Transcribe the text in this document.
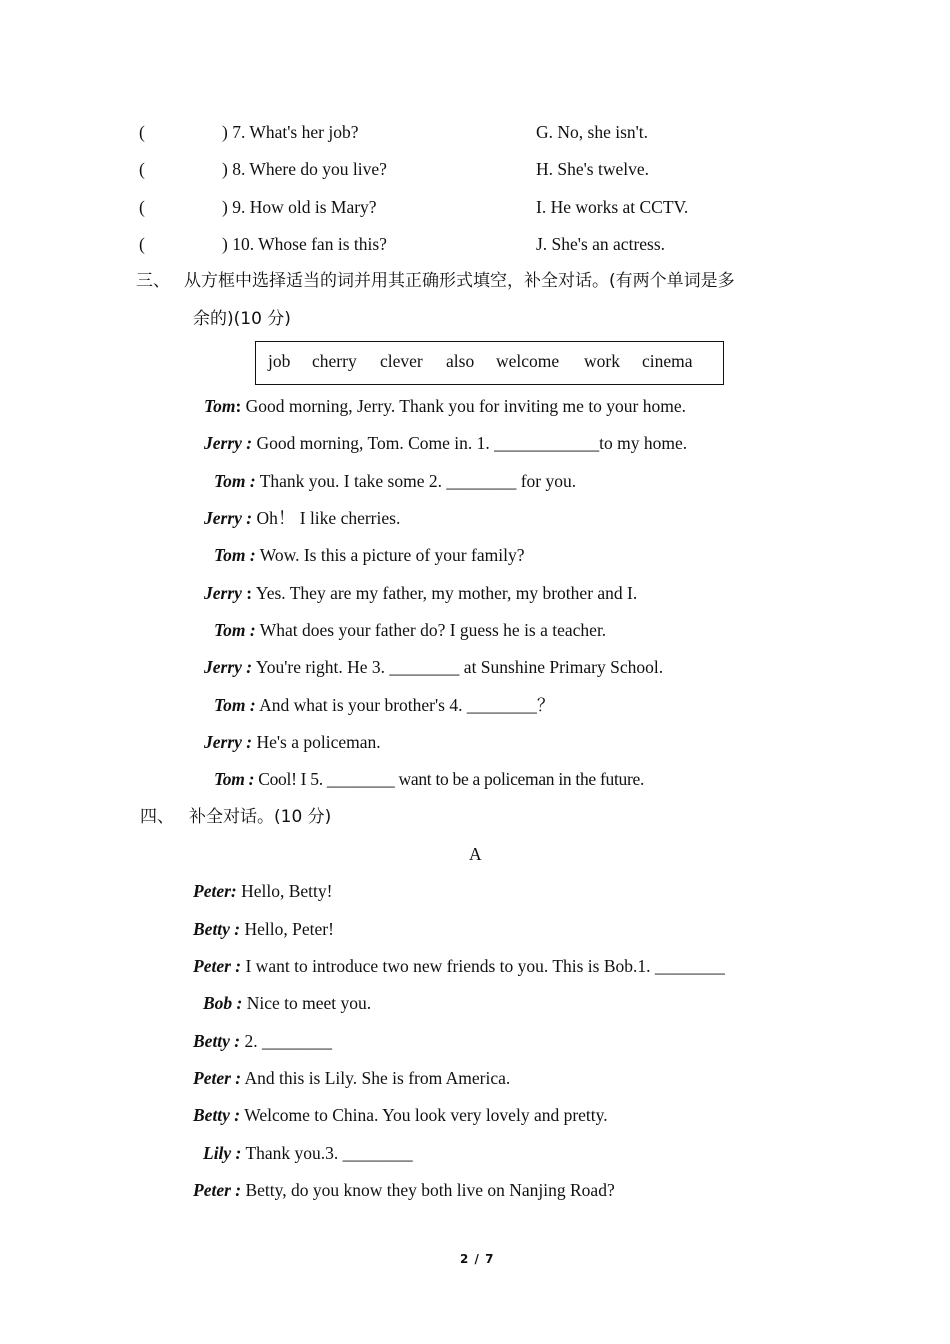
(	) 7. What's her job?	G. No, she isn't.
(	) 8. Where do you live?	H. She's twelve.
(	) 9. How old is Mary?	I. He works at CCTV.
(	) 10. Whose fan is this?	J. She's an actress.
三、 从方框中选择适当的词并用其正确形式填空，补全对话。(有两个单词是多
余的)(10 分)
job cherry clever also welcome work cinema
Tom: Good morning, Jerry. Thank you for inviting me to your home.
Jerry : Good morning, Tom. Come in. 1. ____________to my home.
Tom : Thank you. I take some 2. ________ for you.
Jerry : Oh！ I like cherries.
Tom : Wow. Is this a picture of your family?
Jerry : Yes. They are my father, my mother, my brother and I.
Tom : What does your father do? I guess he is a teacher.
Jerry : You're right. He 3. ________ at Sunshine Primary School.
Tom : And what is your brother's 4. ________？
Jerry : He's a policeman.
Tom : Cool! I 5. ________ want to be a policeman in the future.
四、 补全对话。(10 分)
A
Peter: Hello, Betty!
Betty : Hello, Peter!
Peter : I want to introduce two new friends to you. This is Bob.1. ________
Bob : Nice to meet you.
Betty : 2. ________
Peter : And this is Lily. She is from America.
Betty : Welcome to China. You look very lovely and pretty.
Lily : Thank you.3. ________
Peter : Betty, do you know they both live on Nanjing Road?
2 / 7
